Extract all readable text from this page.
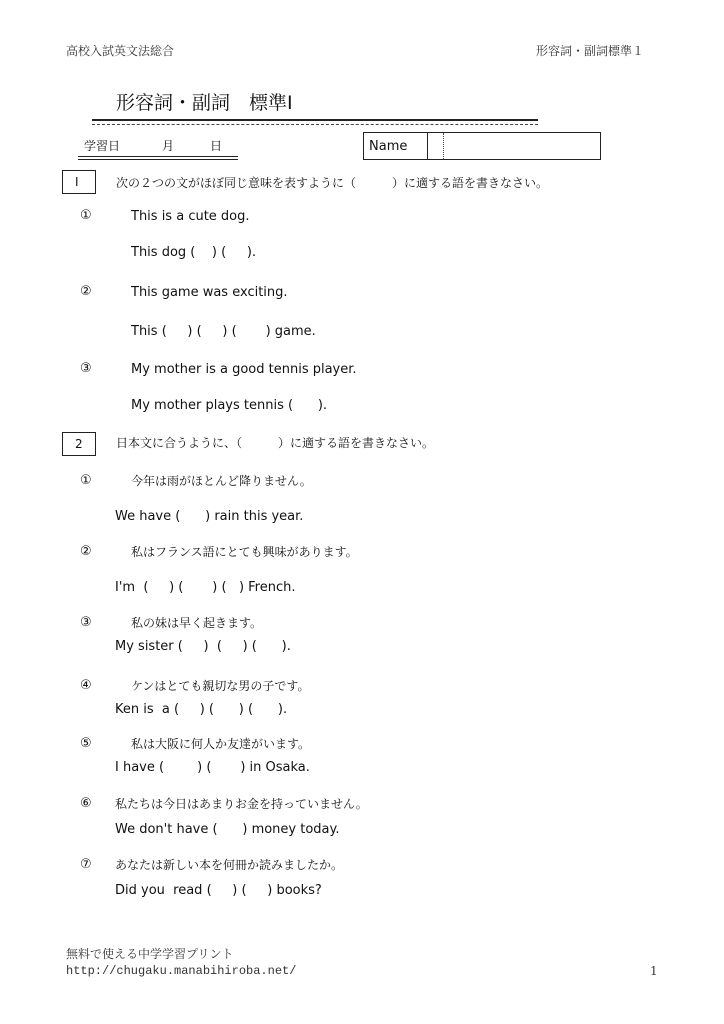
高校入試英文法総合	形容詞・副詞標準１
形容詞・副詞　標準Ⅰ
学習日	月	日	Name
Ⅰ	次の２つの文がほぼ同じ意味を表すように（　　　）に適する語を書きなさい。
①	This is a cute dog.
This dog (    ) (     ).
②	This game was exciting.
This (     ) (     ) (       ) game.
③	My mother is a good tennis player.
My mother plays tennis (      ).
2	日本文に合うように、（　　　）に適する語を書きなさい。
①	今年は雨がほとんど降りません。
We have (      ) rain this year.
②	私はフランス語にとても興味があります。
I'm  (     ) (       ) (   ) French.
③	私の妹は早く起きます。
My sister (     )  (     ) (      ).
④	ケンはとても親切な男の子です。
Ken is  a (     ) (      ) (      ).
⑤	私は大阪に何人か友達がいます。
I have (        ) (       ) in Osaka.
⑥ 私たちは今日はあまりお金を持っていません。
We don't have (      ) money today.
⑦ あなたは新しい本を何冊か読みましたか。
Did you  read (     ) (     ) books?
無料で使える中学学習プリント
http://chugaku.manabihiroba.net/	1
